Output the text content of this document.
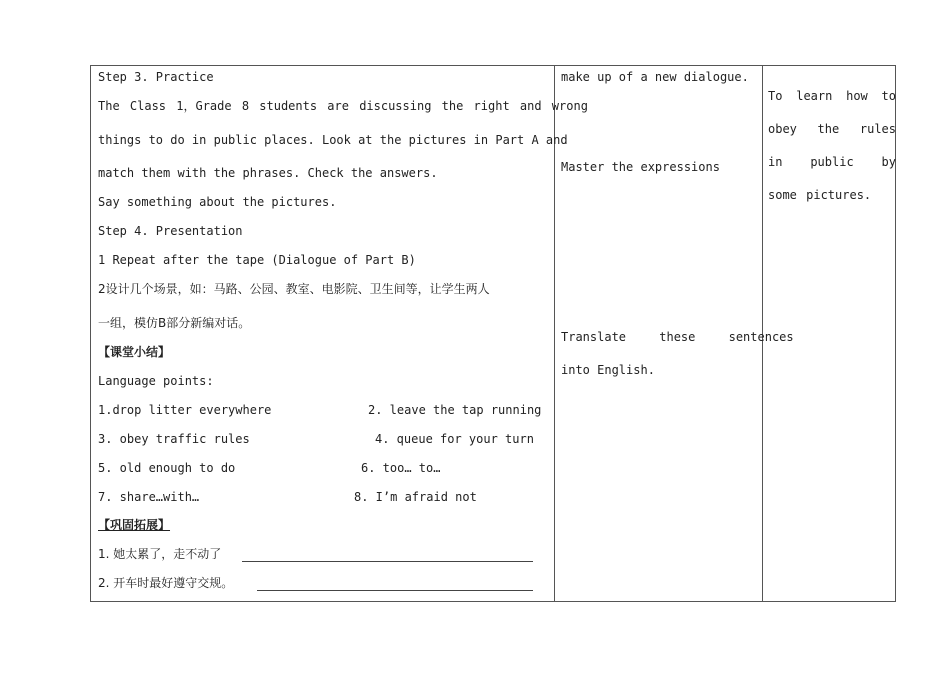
Step 3. Practice
The Class 1，Grade 8 students are discussing the right and wrong
things to do in public places. Look at the pictures in Part A and
match them with the phrases. Check the answers.
Say something about the pictures.
Step 4. Presentation
1 Repeat after the tape (Dialogue of Part B)
2设计几个场景，如：马路、公园、教室、电影院、卫生间等，让学生两人
一组，模仿B部分新编对话。
【课堂小结】
Language points:
1.drop litter everywhere	2. leave the tap running
3. obey traffic rules	4. queue for your turn
5. old enough to do	6. too… to…
7. share…with…	8. I’m afraid not
【巩固拓展】
1. 她太累了，走不动了
2. 开车时最好遵守交规。
make up of a new dialogue.
Master the expressions
Translate these sentences
into English.
To learn how to obey the rules in public by some pictures.
